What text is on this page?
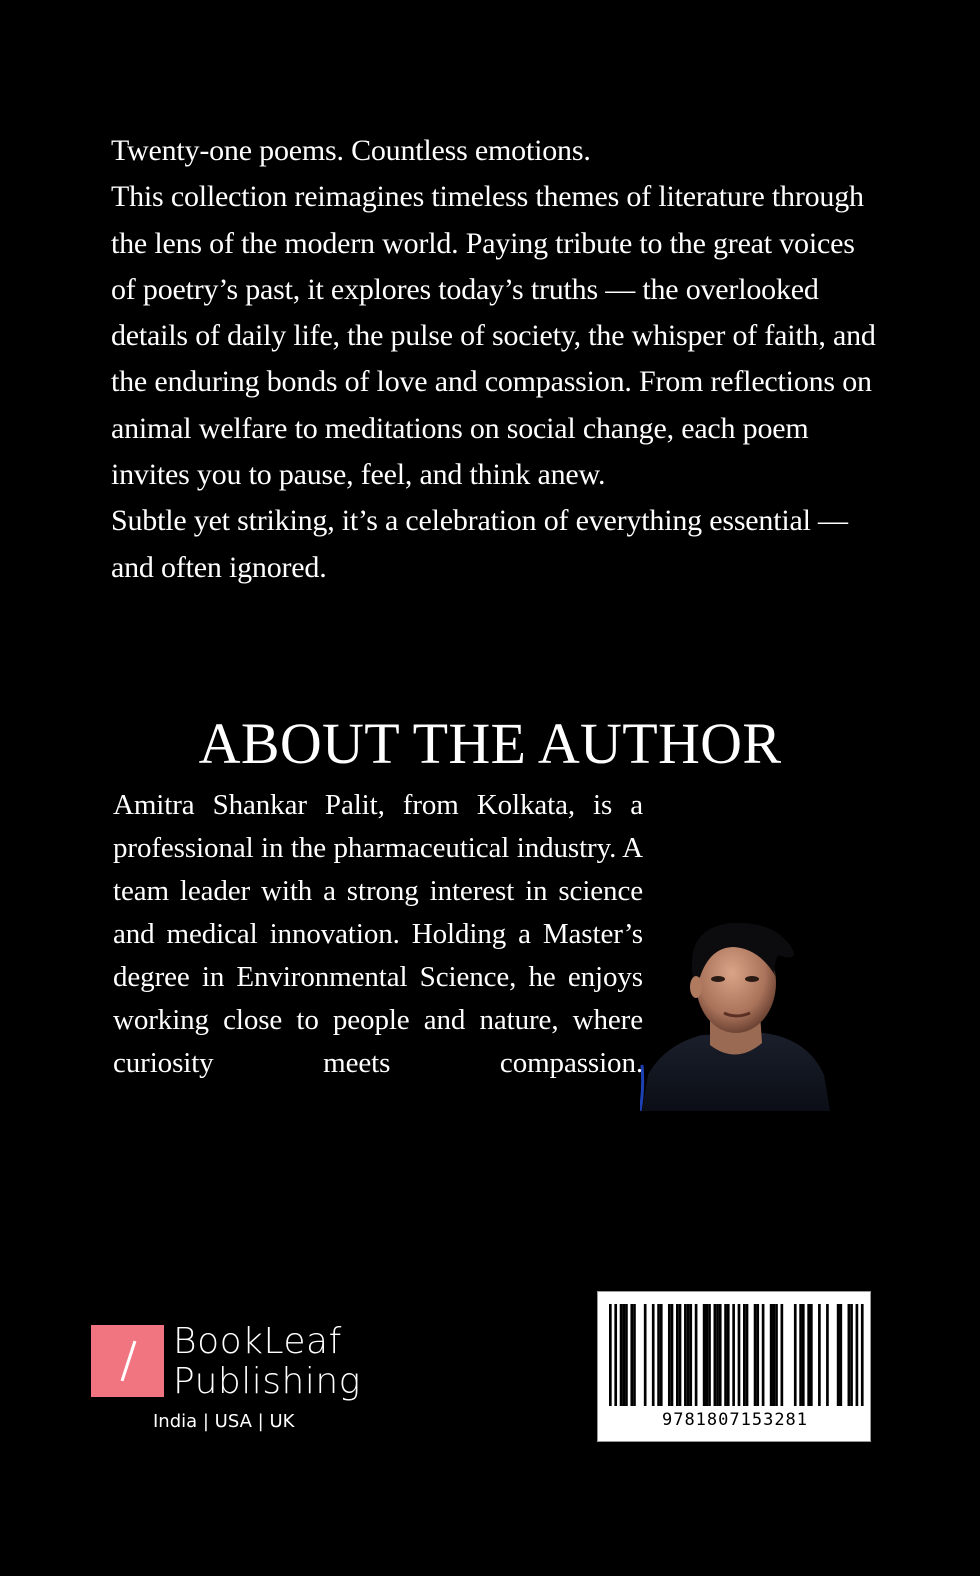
Twenty-one poems. Countless emotions.

This collection reimagines timeless themes of literature through the lens of the modern world. Paying tribute to the great voices of poetry’s past, it explores today’s truths — the overlooked details of daily life, the pulse of society, the whisper of faith, and the enduring bonds of love and compassion. From reflections on animal welfare to meditations on social change, each poem invites you to pause, feel, and think anew.

Subtle yet striking, it’s a celebration of everything essential — and often ignored.

ABOUT THE AUTHOR
Amitra Shankar Palit, from Kolkata, is a professional in the pharmaceutical industry. A team leader with a strong interest in science and medical innovation. Holding a Master’s degree in Environmental Science, he enjoys working close to people and nature, where curiosity meets compassion.
BookLeaf
Publishing
India | USA | UK	9781807153281
